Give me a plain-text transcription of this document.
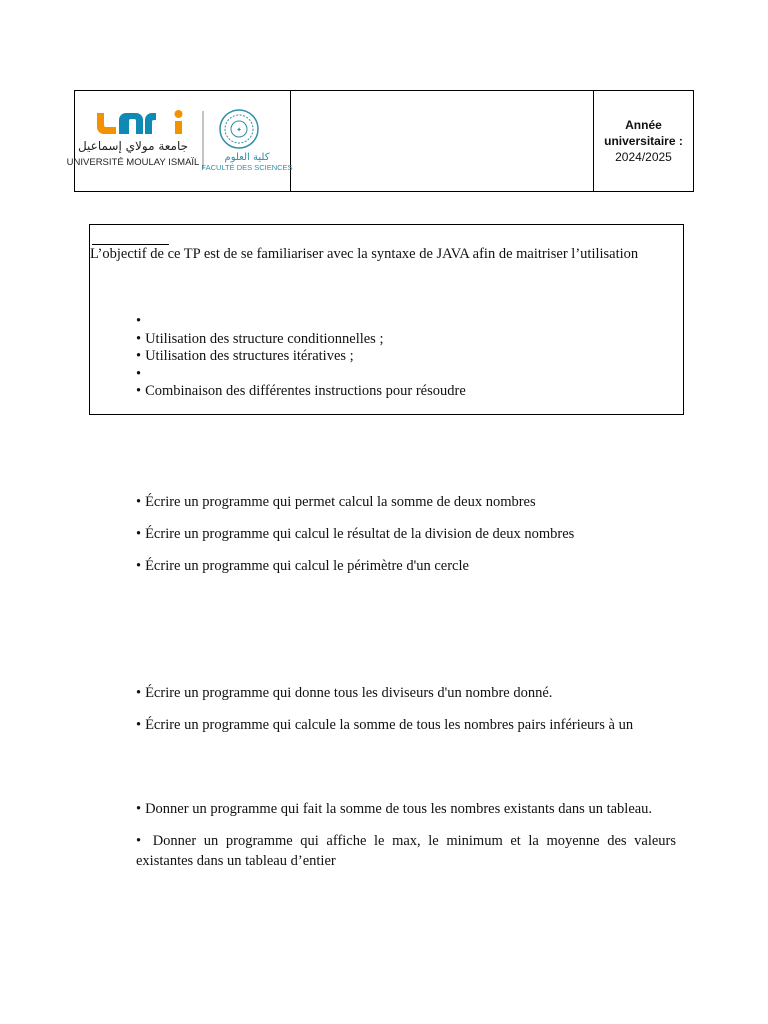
جامعة مولاي إسماعيل
UNIVERSITÉ MOULAY ISMAÏL
✦
كلية العلوم
FACULTÉ DES SCIENCES
Année
universitaire :
2024/2025
L’objectif de ce TP est de se familiariser avec la syntaxe de JAVA afin de maitriser l’utilisation
•
• Utilisation des structure conditionnelles ;
• Utilisation des structures itératives ;
•
• Combinaison des différentes instructions pour résoudre
• Écrire un programme qui permet calcul la somme de deux nombres
• Écrire un programme qui calcul le résultat de la division de deux nombres
• Écrire un programme qui calcul le périmètre d'un cercle
• Écrire un programme qui donne tous les diviseurs d'un nombre donné.
• Écrire un programme qui calcule la somme de tous les nombres pairs inférieurs à un
• Donner un programme qui fait la somme de tous les nombres existants dans un tableau.
• Donner un programme qui affiche le max, le minimum et la moyenne des valeurs existantes dans un tableau d’entier
